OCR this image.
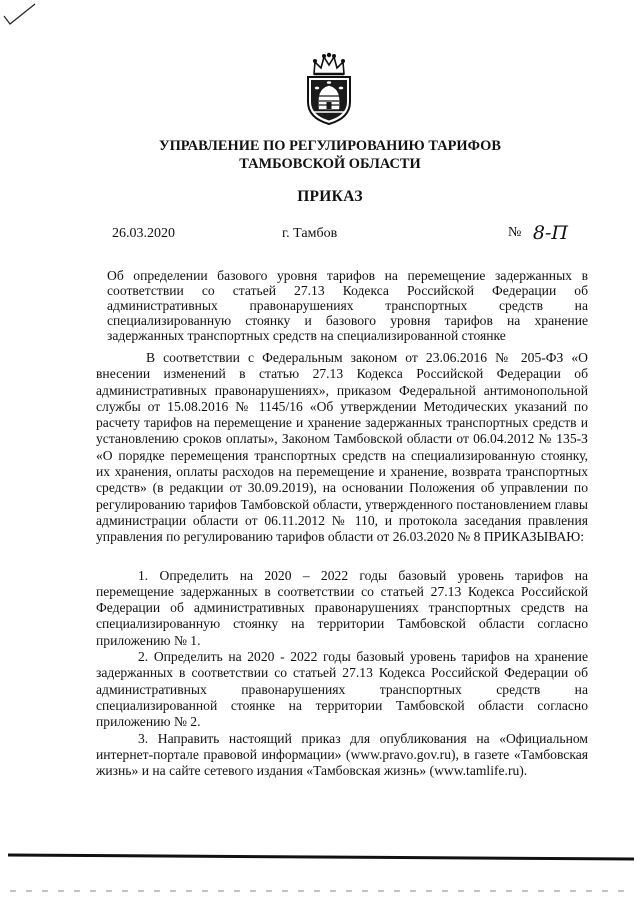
УПРАВЛЕНИЕ ПО РЕГУЛИРОВАНИЮ ТАРИФОВ
ТАМБОВСКОЙ ОБЛАСТИ
ПРИКАЗ
26.03.2020	г. Тамбов	№ 8-П
Об определении базового уровня тарифов на перемещение задержанных в соответствии со статьей 27.13 Кодекса Российской Федерации об административных правонарушениях транспортных средств на специализированную стоянку и базового уровня тарифов на хранение задержанных транспортных средств на специализированной стоянке

В соответствии с Федеральным законом от 23.06.2016 № 205-ФЗ «О внесении изменений в статью 27.13 Кодекса Российской Федерации об административных правонарушениях», приказом Федеральной антимонопольной службы от 15.08.2016 № 1145/16 «Об утверждении Методических указаний по расчету тарифов на перемещение и хранение задержанных транспортных средств и установлению сроков оплаты», Законом Тамбовской области от 06.04.2012 № 135-З «О порядке перемещения транспортных средств на специализированную стоянку, их хранения, оплаты расходов на перемещение и хранение, возврата транспортных средств» (в редакции от 30.09.2019), на основании Положения об управлении по регулированию тарифов Тамбовской области, утвержденного постановлением главы администрации области от 06.11.2012 № 110, и протокола заседания правления управления по регулированию тарифов области от 26.03.2020 № 8 ПРИКАЗЫВАЮ:

1. Определить на 2020 – 2022 годы базовый уровень тарифов на перемещение задержанных в соответствии со статьей 27.13 Кодекса Российской Федерации об административных правонарушениях транспортных средств на специализированную стоянку на территории Тамбовской области согласно приложению № 1.

2. Определить на 2020 - 2022 годы базовый уровень тарифов на хранение задержанных в соответствии со статьей 27.13 Кодекса Российской Федерации об административных правонарушениях транспортных средств на специализированной стоянке на территории Тамбовской области согласно приложению № 2.

3. Направить настоящий приказ для опубликования на «Официальном интернет-портале правовой информации» (www.pravo.gov.ru), в газете «Тамбовская жизнь» и на сайте сетевого издания «Тамбовская жизнь» (www.tamlife.ru).
